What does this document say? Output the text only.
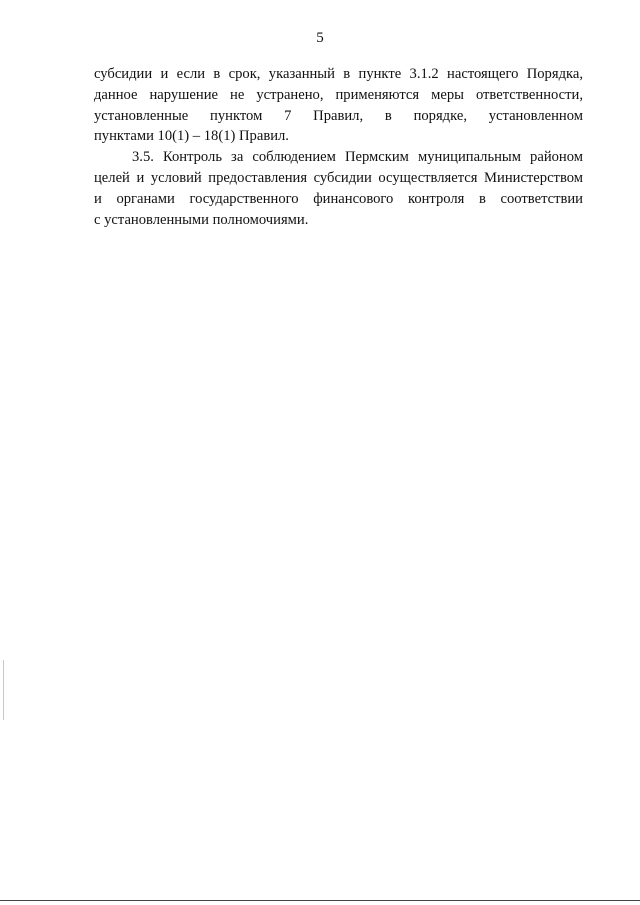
5

субсидии и если в срок, указанный в пункте 3.1.2 настоящего Порядка,
данное нарушение не устранено, применяются меры ответственности,
установленные пунктом 7 Правил, в порядке, установленном
пунктами 10(1) – 18(1) Правил.

3.5. Контроль за соблюдением Пермским муниципальным районом
целей и условий предоставления субсидии осуществляется Министерством
и органами государственного финансового контроля в соответствии
с установленными полномочиями.
